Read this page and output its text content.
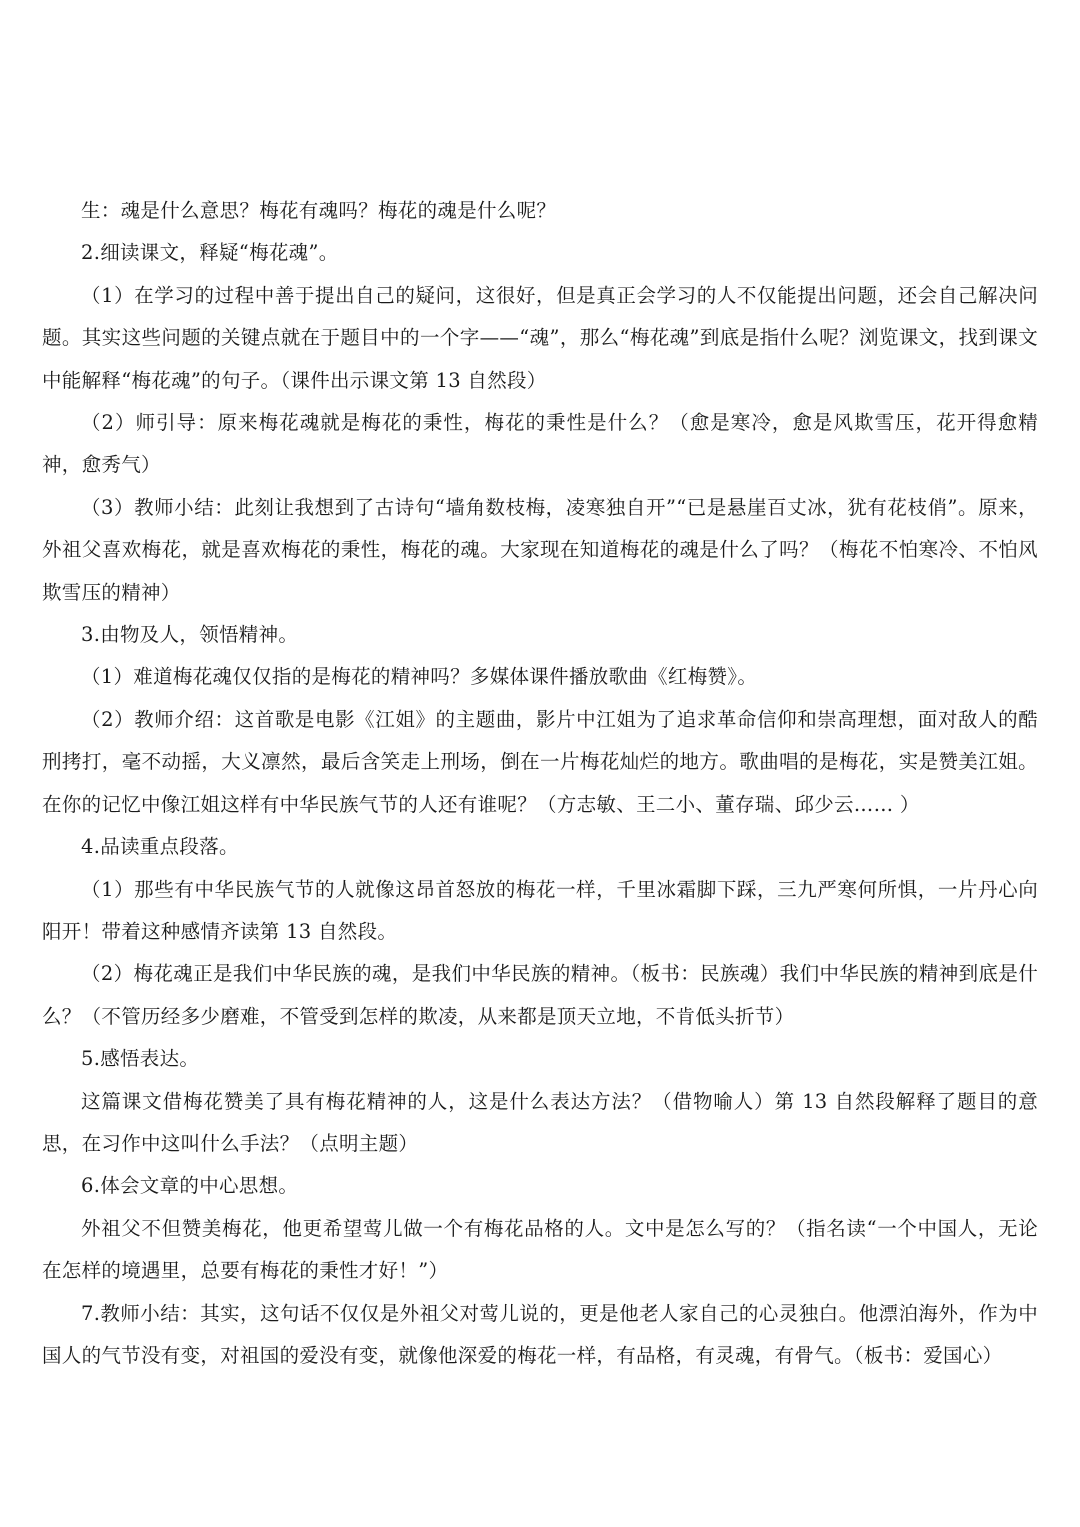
生：魂是什么意思？梅花有魂吗？梅花的魂是什么呢？

2.细读课文，释疑“梅花魂”。

（1）在学习的过程中善于提出自己的疑问，这很好，但是真正会学习的人不仅能提出问题，还会自己解决问题。其实这些问题的关键点就在于题目中的一个字——“魂”，那么“梅花魂”到底是指什么呢？浏览课文，找到课文中能解释“梅花魂”的句子。（课件出示课文第 13 自然段）

（2）师引导：原来梅花魂就是梅花的秉性，梅花的秉性是什么？（愈是寒冷，愈是风欺雪压，花开得愈精神，愈秀气）

（3）教师小结：此刻让我想到了古诗句“墙角数枝梅，凌寒独自开”“已是悬崖百丈冰，犹有花枝俏”。原来，外祖父喜欢梅花，就是喜欢梅花的秉性，梅花的魂。大家现在知道梅花的魂是什么了吗？（梅花不怕寒冷、不怕风欺雪压的精神）

3.由物及人，领悟精神。

（1）难道梅花魂仅仅指的是梅花的精神吗？多媒体课件播放歌曲《红梅赞》。

（2）教师介绍：这首歌是电影《江姐》的主题曲，影片中江姐为了追求革命信仰和崇高理想，面对敌人的酷刑拷打，毫不动摇，大义凛然，最后含笑走上刑场，倒在一片梅花灿烂的地方。歌曲唱的是梅花，实是赞美江姐。在你的记忆中像江姐这样有中华民族气节的人还有谁呢？（方志敏、王二小、董存瑞、邱少云…… ）

4.品读重点段落。

（1）那些有中华民族气节的人就像这昂首怒放的梅花一样，千里冰霜脚下踩，三九严寒何所惧，一片丹心向阳开！带着这种感情齐读第 13 自然段。

（2）梅花魂正是我们中华民族的魂，是我们中华民族的精神。（板书：民族魂）我们中华民族的精神到底是什么？（不管历经多少磨难，不管受到怎样的欺凌，从来都是顶天立地，不肯低头折节）

5.感悟表达。

这篇课文借梅花赞美了具有梅花精神的人，这是什么表达方法？（借物喻人）第 13 自然段解释了题目的意思，在习作中这叫什么手法？（点明主题）

6.体会文章的中心思想。

外祖父不但赞美梅花，他更希望莺儿做一个有梅花品格的人。文中是怎么写的？（指名读“一个中国人，无论在怎样的境遇里，总要有梅花的秉性才好！”）

7.教师小结：其实，这句话不仅仅是外祖父对莺儿说的，更是他老人家自己的心灵独白。他漂泊海外，作为中国人的气节没有变，对祖国的爱没有变，就像他深爱的梅花一样，有品格，有灵魂，有骨气。（板书：爱国心）
